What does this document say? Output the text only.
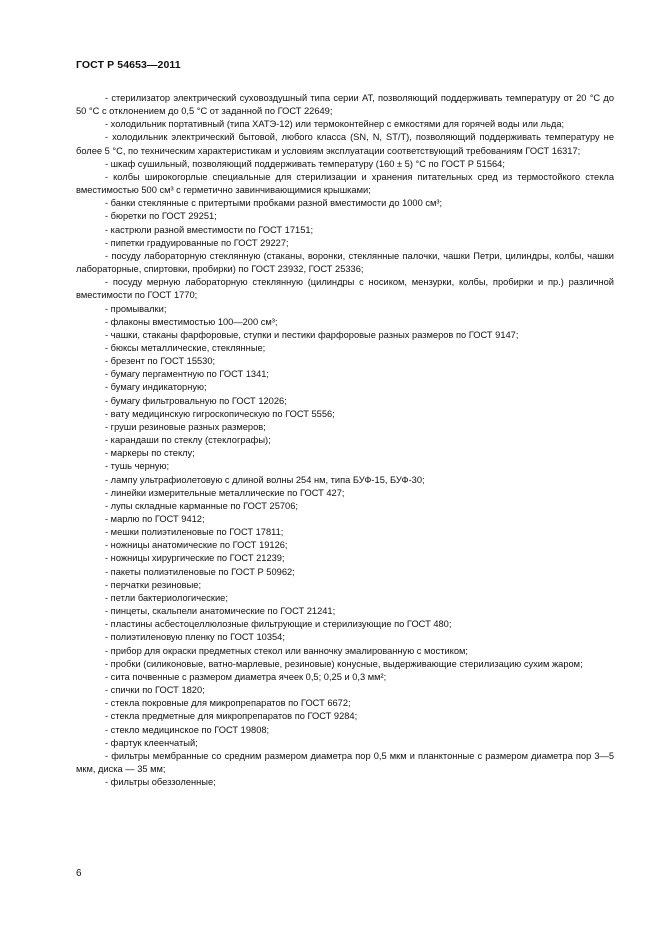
ГОСТ Р 54653—2011

- стерилизатор электрический суховоздушный типа серии АТ, позволяющий поддерживать температуру от 20 °С до 50 °С с отклонением до 0,5 °С от заданной по ГОСТ 22649;

- холодильник портативный (типа ХАТЭ-12) или термоконтейнер с емкостями для горячей воды или льда;

- холодильник электрический бытовой, любого класса (SN, N, ST/T), позволяющий поддерживать температуру не более 5 °С, по техническим характеристикам и условиям эксплуатации соответствующий требованиям ГОСТ 16317;

- шкаф сушильный, позволяющий поддерживать температуру (160 ± 5) °С по ГОСТ Р 51564;

- колбы широкогорлые специальные для стерилизации и хранения питательных сред из термостойкого стекла вместимостью 500 см³ с герметично завинчивающимися крышками;

- банки стеклянные с притертыми пробками разной вместимости до 1000 см³;

- бюретки по ГОСТ 29251;

- кастрюли разной вместимости по ГОСТ 17151;

- пипетки градуированные по ГОСТ 29227;

- посуду лабораторную стеклянную (стаканы, воронки, стеклянные палочки, чашки Петри, цилиндры, колбы, чашки лабораторные, спиртовки, пробирки) по ГОСТ 23932, ГОСТ 25336;

- посуду мерную лабораторную стеклянную (цилиндры с носиком, мензурки, колбы, пробирки и пр.) различной вместимости по ГОСТ 1770;

- промывалки;

- флаконы вместимостью 100—200 см³;

- чашки, стаканы фарфоровые, ступки и пестики фарфоровые разных размеров по ГОСТ 9147;

- бюксы металлические, стеклянные;

- брезент по ГОСТ 15530;

- бумагу пергаментную по ГОСТ 1341;

- бумагу индикаторную;

- бумагу фильтровальную по ГОСТ 12026;

- вату медицинскую гигроскопическую по ГОСТ 5556;

- груши резиновые разных размеров;

- карандаши по стеклу (стеклографы);

- маркеры по стеклу;

- тушь черную;

- лампу ультрафиолетовую с длиной волны 254 нм, типа БУФ-15, БУФ-30;

- линейки измерительные металлические по ГОСТ 427;

- лупы складные карманные по ГОСТ 25706;

- марлю по ГОСТ 9412;

- мешки полиэтиленовые по ГОСТ 17811;

- ножницы анатомические по ГОСТ 19126;

- ножницы хирургические по ГОСТ 21239;

- пакеты полиэтиленовые по ГОСТ Р 50962;

- перчатки резиновые;

- петли бактериологические;

- пинцеты, скальпели анатомические по ГОСТ 21241;

- пластины асбестоцеллюлозные фильтрующие и стерилизующие по ГОСТ 480;

- полиэтиленовую пленку по ГОСТ 10354;

- прибор для окраски предметных стекол или ванночку эмалированную с мостиком;

- пробки (силиконовые, ватно-марлевые, резиновые) конусные, выдерживающие стерилизацию сухим жаром;

- сита почвенные с размером диаметра ячеек 0,5; 0,25 и 0,3 мм²;

- спички по ГОСТ 1820;

- стекла покровные для микропрепаратов по ГОСТ 6672;

- стекла предметные для микропрепаратов по ГОСТ 9284;

- стекло медицинское по ГОСТ 19808;

- фартук клеенчатый;

- фильтры мембранные со средним размером диаметра пор 0,5 мкм и планктонные с размером диаметра пор 3—5 мкм, диска — 35 мм;

- фильтры обеззоленные;

6
